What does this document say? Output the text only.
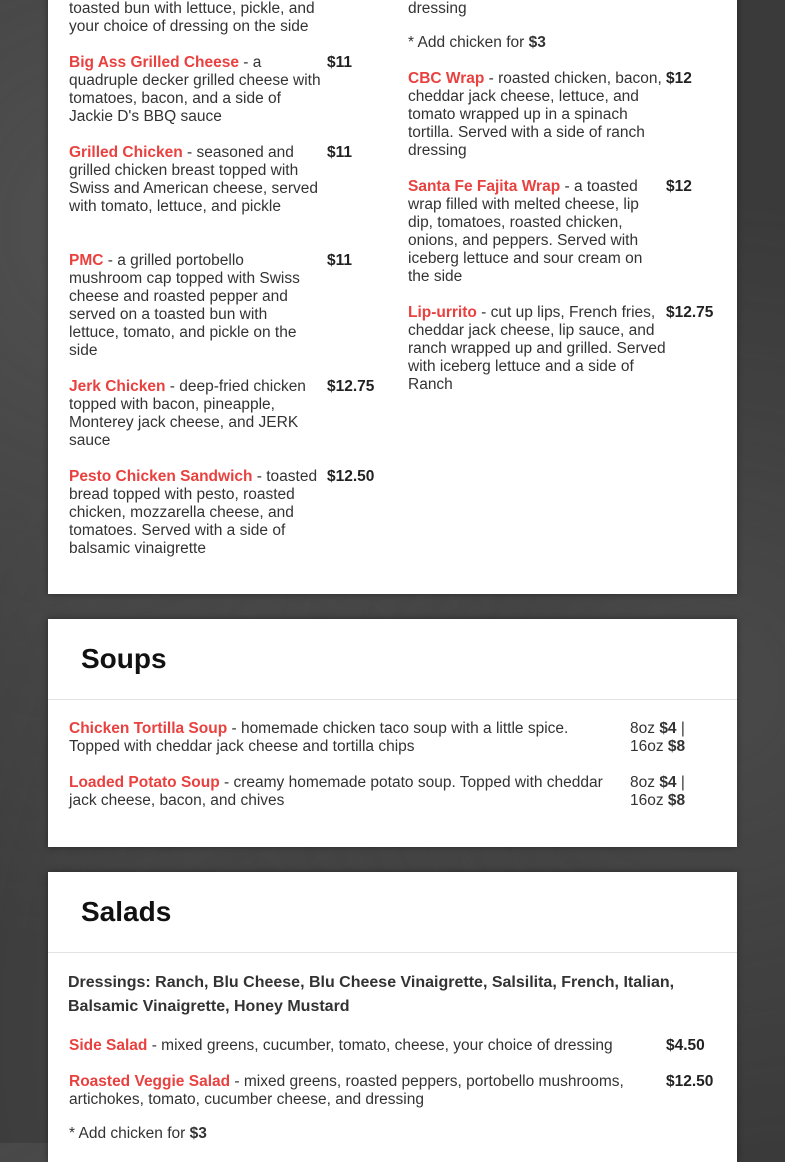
toasted bun with lettuce, pickle, and your choice of dressing on the side
Big Ass Grilled Cheese - a quadruple decker grilled cheese with tomatoes, bacon, and a side of Jackie D's BBQ sauce
$11
Grilled Chicken - seasoned and grilled chicken breast topped with Swiss and American cheese, served with tomato, lettuce, and pickle
$11
PMC - a grilled portobello mushroom cap topped with Swiss cheese and roasted pepper and served on a toasted bun with lettuce, tomato, and pickle on the side
$11
Jerk Chicken - deep-fried chicken topped with bacon, pineapple, Monterey jack cheese, and JERK sauce
$12.75
Pesto Chicken Sandwich - toasted bread topped with pesto, roasted chicken, mozzarella cheese, and tomatoes. Served with a side of balsamic vinaigrette
$12.50
dressing
* Add chicken for $3
CBC Wrap - roasted chicken, bacon, cheddar jack cheese, lettuce, and tomato wrapped up in a spinach tortilla. Served with a side of ranch dressing
$12
Santa Fe Fajita Wrap - a toasted wrap filled with melted cheese, lip dip, tomatoes, roasted chicken, onions, and peppers. Served with iceberg lettuce and sour cream on the side
$12
Lip-urrito - cut up lips, French fries, cheddar jack cheese, lip sauce, and ranch wrapped up and grilled. Served with iceberg lettuce and a side of Ranch
$12.75
Soups
Chicken Tortilla Soup - homemade chicken taco soup with a little spice. Topped with cheddar jack cheese and tortilla chips
8oz $4 |
16oz $8
Loaded Potato Soup - creamy homemade potato soup. Topped with cheddar jack cheese, bacon, and chives
8oz $4 |
16oz $8
Salads
Dressings: Ranch, Blu Cheese, Blu Cheese Vinaigrette, Salsilita, French, Italian, Balsamic Vinaigrette, Honey Mustard
Side Salad - mixed greens, cucumber, tomato, cheese, your choice of dressing	$4.50
Roasted Veggie Salad - mixed greens, roasted peppers, portobello mushrooms, artichokes, tomato, cucumber cheese, and dressing
$12.50
* Add chicken for $3
